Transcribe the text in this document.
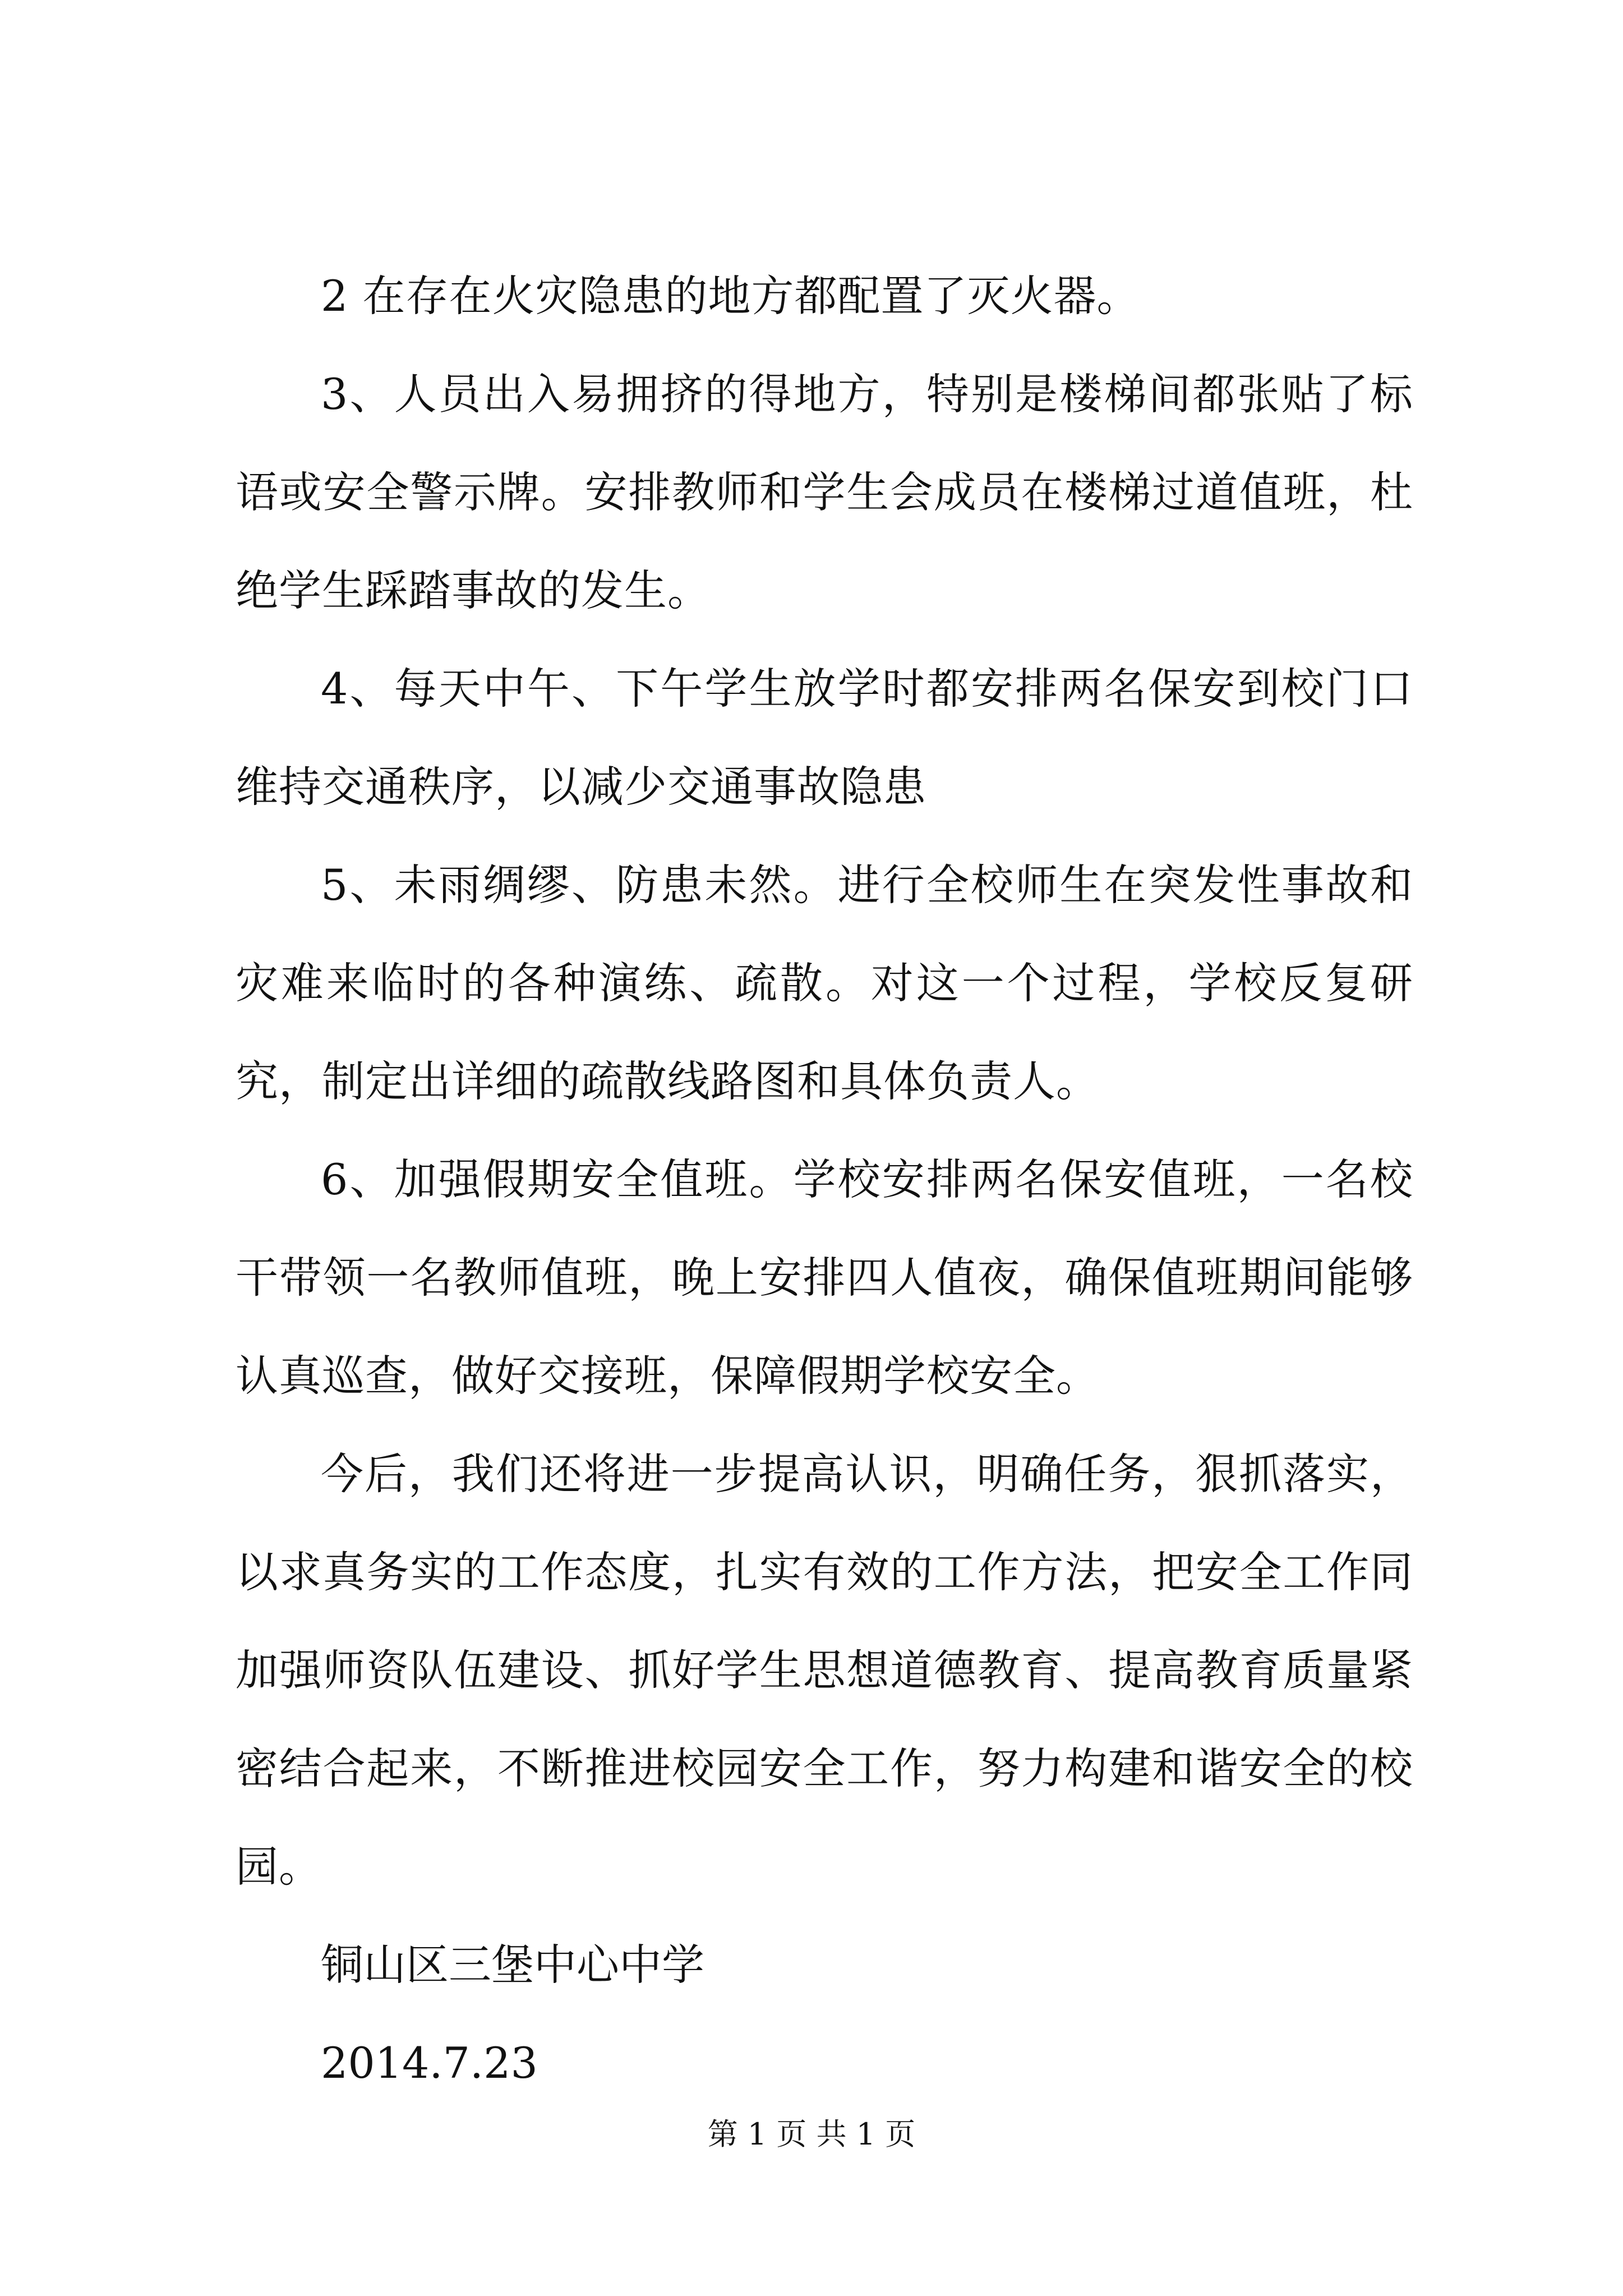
2 在存在火灾隐患的地方都配置了灭火器。

3、人员出入易拥挤的得地方，特别是楼梯间都张贴了标语或安全警示牌。安排教师和学生会成员在楼梯过道值班，杜绝学生踩踏事故的发生。

4、每天中午、下午学生放学时都安排两名保安到校门口维持交通秩序，以减少交通事故隐患

5、未雨绸缪、防患未然。进行全校师生在突发性事故和灾难来临时的各种演练、疏散。对这一个过程，学校反复研究，制定出详细的疏散线路图和具体负责人。

6、加强假期安全值班。学校安排两名保安值班，一名校干带领一名教师值班，晚上安排四人值夜，确保值班期间能够认真巡查，做好交接班，保障假期学校安全。

今后，我们还将进一步提高认识，明确任务，狠抓落实，以求真务实的工作态度，扎实有效的工作方法，把安全工作同加强师资队伍建设、抓好学生思想道德教育、提高教育质量紧密结合起来，不断推进校园安全工作，努力构建和谐安全的校园。

铜山区三堡中心中学

2014.7.23

第 1 页 共 1 页
